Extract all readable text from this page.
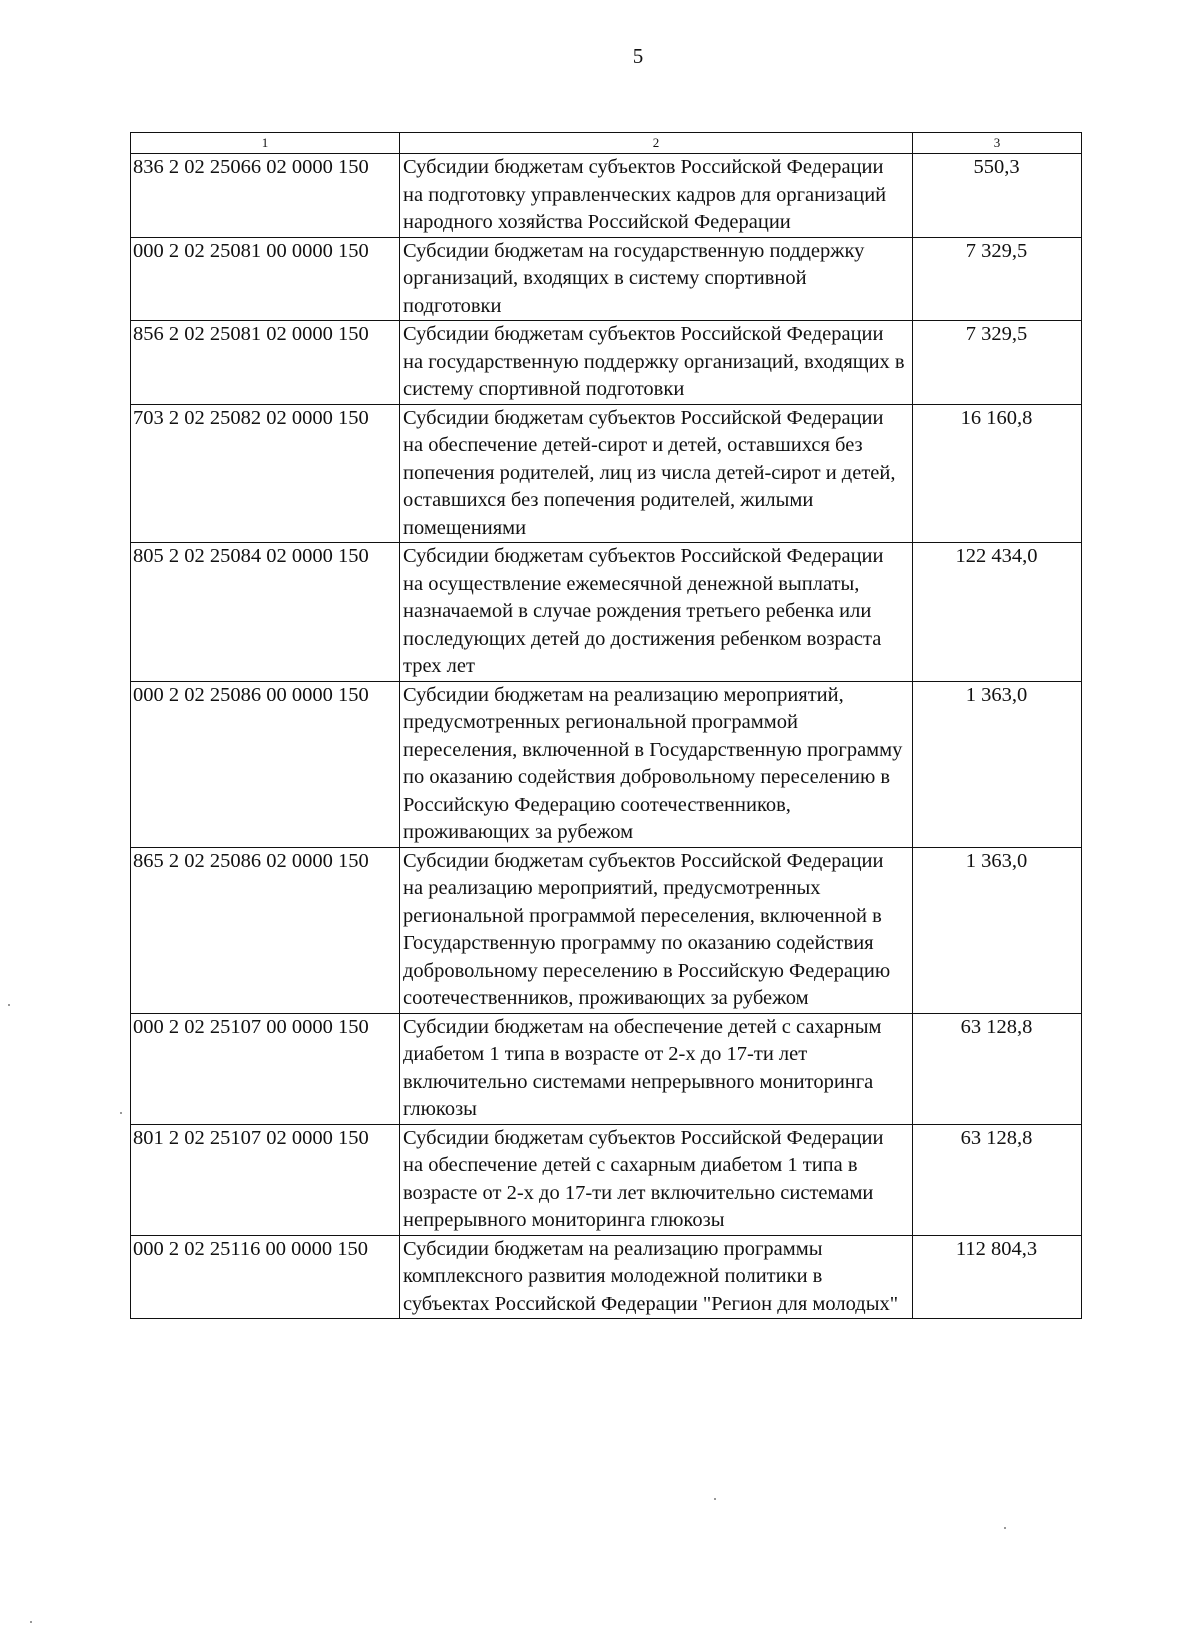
5
1	2	3
836 2 02 25066 02 0000 150	Субсидии бюджетам субъектов Российской Федерации на подготовку управленческих кадров для организаций народного хозяйства Российской Федерации	550,3
000 2 02 25081 00 0000 150	Субсидии бюджетам на государственную поддержку организаций, входящих в систему спортивной подготовки	7 329,5
856 2 02 25081 02 0000 150	Субсидии бюджетам субъектов Российской Федерации на государственную поддержку организаций, входящих в систему спортивной подготовки	7 329,5
703 2 02 25082 02 0000 150	Субсидии бюджетам субъектов Российской Федерации на обеспечение детей-сирот и детей, оставшихся без попечения родителей, лиц из числа детей-сирот и детей, оставшихся без попечения родителей, жилыми помещениями	16 160,8
805 2 02 25084 02 0000 150	Субсидии бюджетам субъектов Российской Федерации на осуществление ежемесячной денежной выплаты, назначаемой в случае рождения третьего ребенка или последующих детей до достижения ребенком возраста трех лет	122 434,0
000 2 02 25086 00 0000 150	Субсидии бюджетам на реализацию мероприятий, предусмотренных региональной программой переселения, включенной в Государственную программу по оказанию содействия добровольному переселению в Российскую Федерацию соотечественников, проживающих за рубежом	1 363,0
865 2 02 25086 02 0000 150	Субсидии бюджетам субъектов Российской Федерации на реализацию мероприятий, предусмотренных региональной программой переселения, включенной в Государственную программу по оказанию содействия добровольному переселению в Российскую Федерацию соотечественников, проживающих за рубежом	1 363,0
000 2 02 25107 00 0000 150	Субсидии бюджетам на обеспечение детей с сахарным диабетом 1 типа в возрасте от 2-х до 17-ти лет включительно системами непрерывного мониторинга глюкозы	63 128,8
801 2 02 25107 02 0000 150	Субсидии бюджетам субъектов Российской Федерации на обеспечение детей с сахарным диабетом 1 типа в возрасте от 2-х до 17-ти лет включительно системами непрерывного мониторинга глюкозы	63 128,8
000 2 02 25116 00 0000 150	Субсидии бюджетам на реализацию программы комплексного развития молодежной политики в субъектах Российской Федерации "Регион для молодых"	112 804,3
